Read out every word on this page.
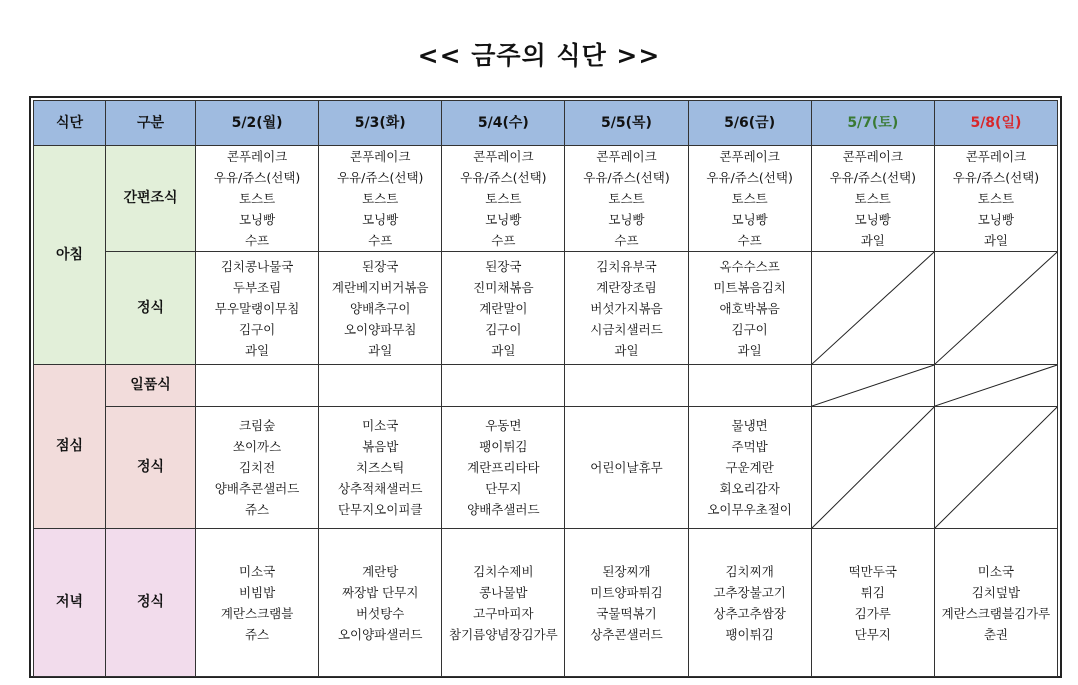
<< 금주의 식단 >>
식단	구분	5/2(월)	5/3(화)	5/4(수)	5/5(목)	5/6(금)	5/7(토)	5/8(일)
아침	간편조식	콘푸레이크
우유/쥬스(선택)
토스트
모닝빵
수프	콘푸레이크
우유/쥬스(선택)
토스트
모닝빵
수프	콘푸레이크
우유/쥬스(선택)
토스트
모닝빵
수프	콘푸레이크
우유/쥬스(선택)
토스트
모닝빵
수프	콘푸레이크
우유/쥬스(선택)
토스트
모닝빵
수프	콘푸레이크
우유/쥬스(선택)
토스트
모닝빵
과일	콘푸레이크
우유/쥬스(선택)
토스트
모닝빵
과일

	정식	김치콩나물국
두부조림
무우말랭이무침
김구이
과일	된장국
계란베지버거볶음
양배추구이
오이양파무침
과일	된장국
진미채볶음
계란말이
김구이
과일	김치유부국
계란장조림
버섯가지볶음
시금치샐러드
과일	옥수수스프
미트볶음김치
애호박볶음
김구이
과일

점심	일품식						

	정식	크림숲
쏘이까스
김치전
양배추콘샐러드
쥬스	미소국
볶음밥
치즈스틱
상추적채샐러드
단무지오이피클	우동면
팽이튀김
계란프리타타
단무지
양배추샐러드	어린이날휴무	물냉면
주먹밥
구운계란
회오리감자
오이무우초절이

저녁	정식	미소국
비빔밥
계란스크램블
쥬스	계란탕
짜장밥 단무지
버섯탕수
오이양파샐러드	김치수제비
콩나물밥
고구마피자
참기름양념장김가루	된장찌개
미트양파튀김
국물떡볶기
상추콘샐러드	김치찌개
고추장불고기
상추고추쌈장
팽이튀김	떡만두국
튀김
김가루
단무지	미소국
김치덮밥
계란스크램블김가루
춘권
